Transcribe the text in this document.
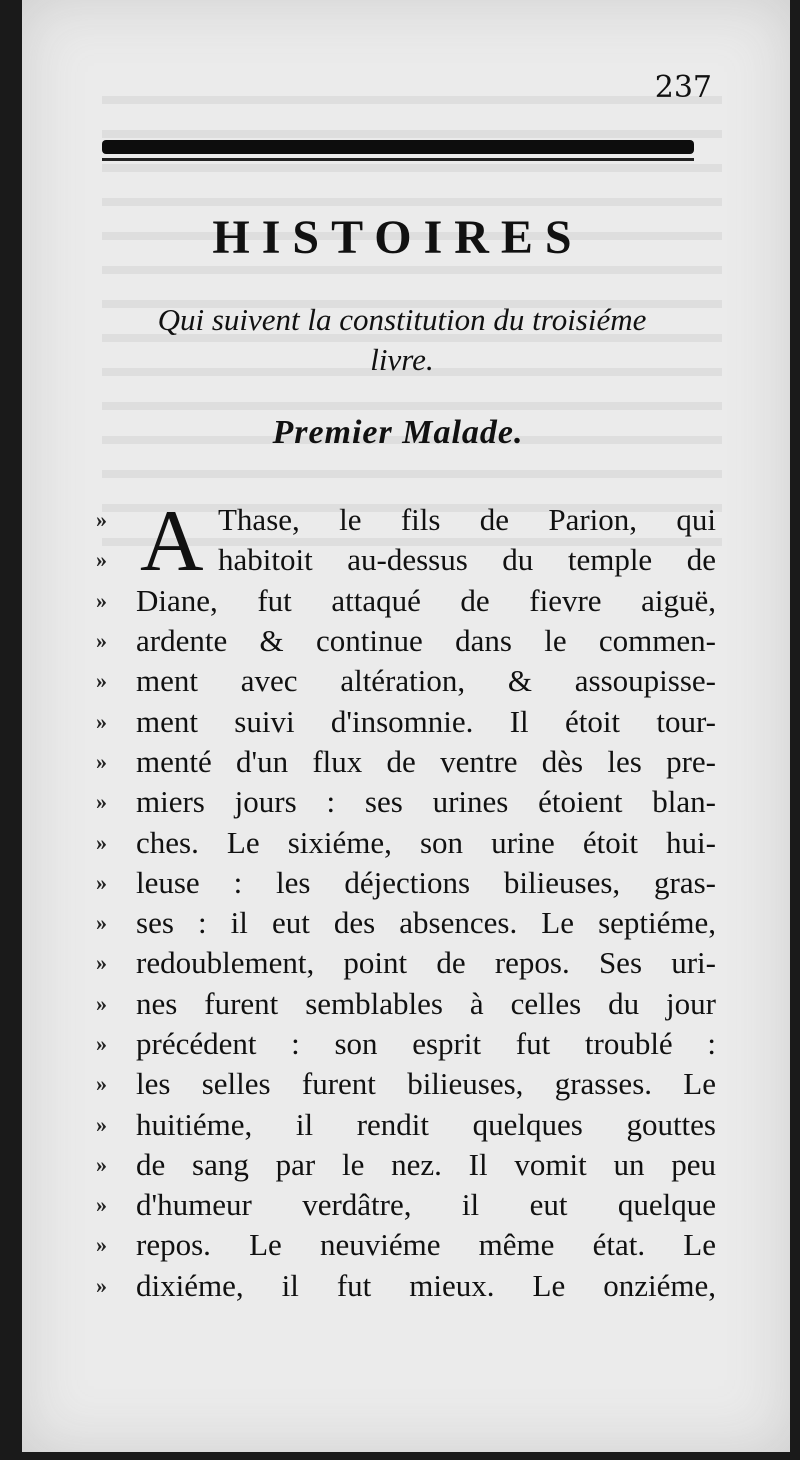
237

HISTOIRES

Qui suivent la constitution du troisiéme
livre.

Premier Malade.
A
»	Thase, le fils de Parion, qui
»	habitoit au-dessus du temple de
» Diane, fut attaqué de fievre aiguë,
» ardente & continue dans le commen-
» ment avec altération, & assoupisse-
» ment suivi d'insomnie. Il étoit tour-
» menté d'un flux de ventre dès les pre-
» miers jours : ses urines étoient blan-
» ches. Le sixiéme, son urine étoit hui-
» leuse : les déjections bilieuses, gras-
» ses : il eut des absences. Le septiéme,
» redoublement, point de repos. Ses uri-
» nes furent semblables à celles du jour
» précédent : son esprit fut troublé :
» les selles furent bilieuses, grasses. Le
» huitiéme, il rendit quelques gouttes
» de sang par le nez. Il vomit un peu
» d'humeur verdâtre, il eut quelque
» repos. Le neuviéme même état. Le
» dixiéme, il fut mieux. Le onziéme,
